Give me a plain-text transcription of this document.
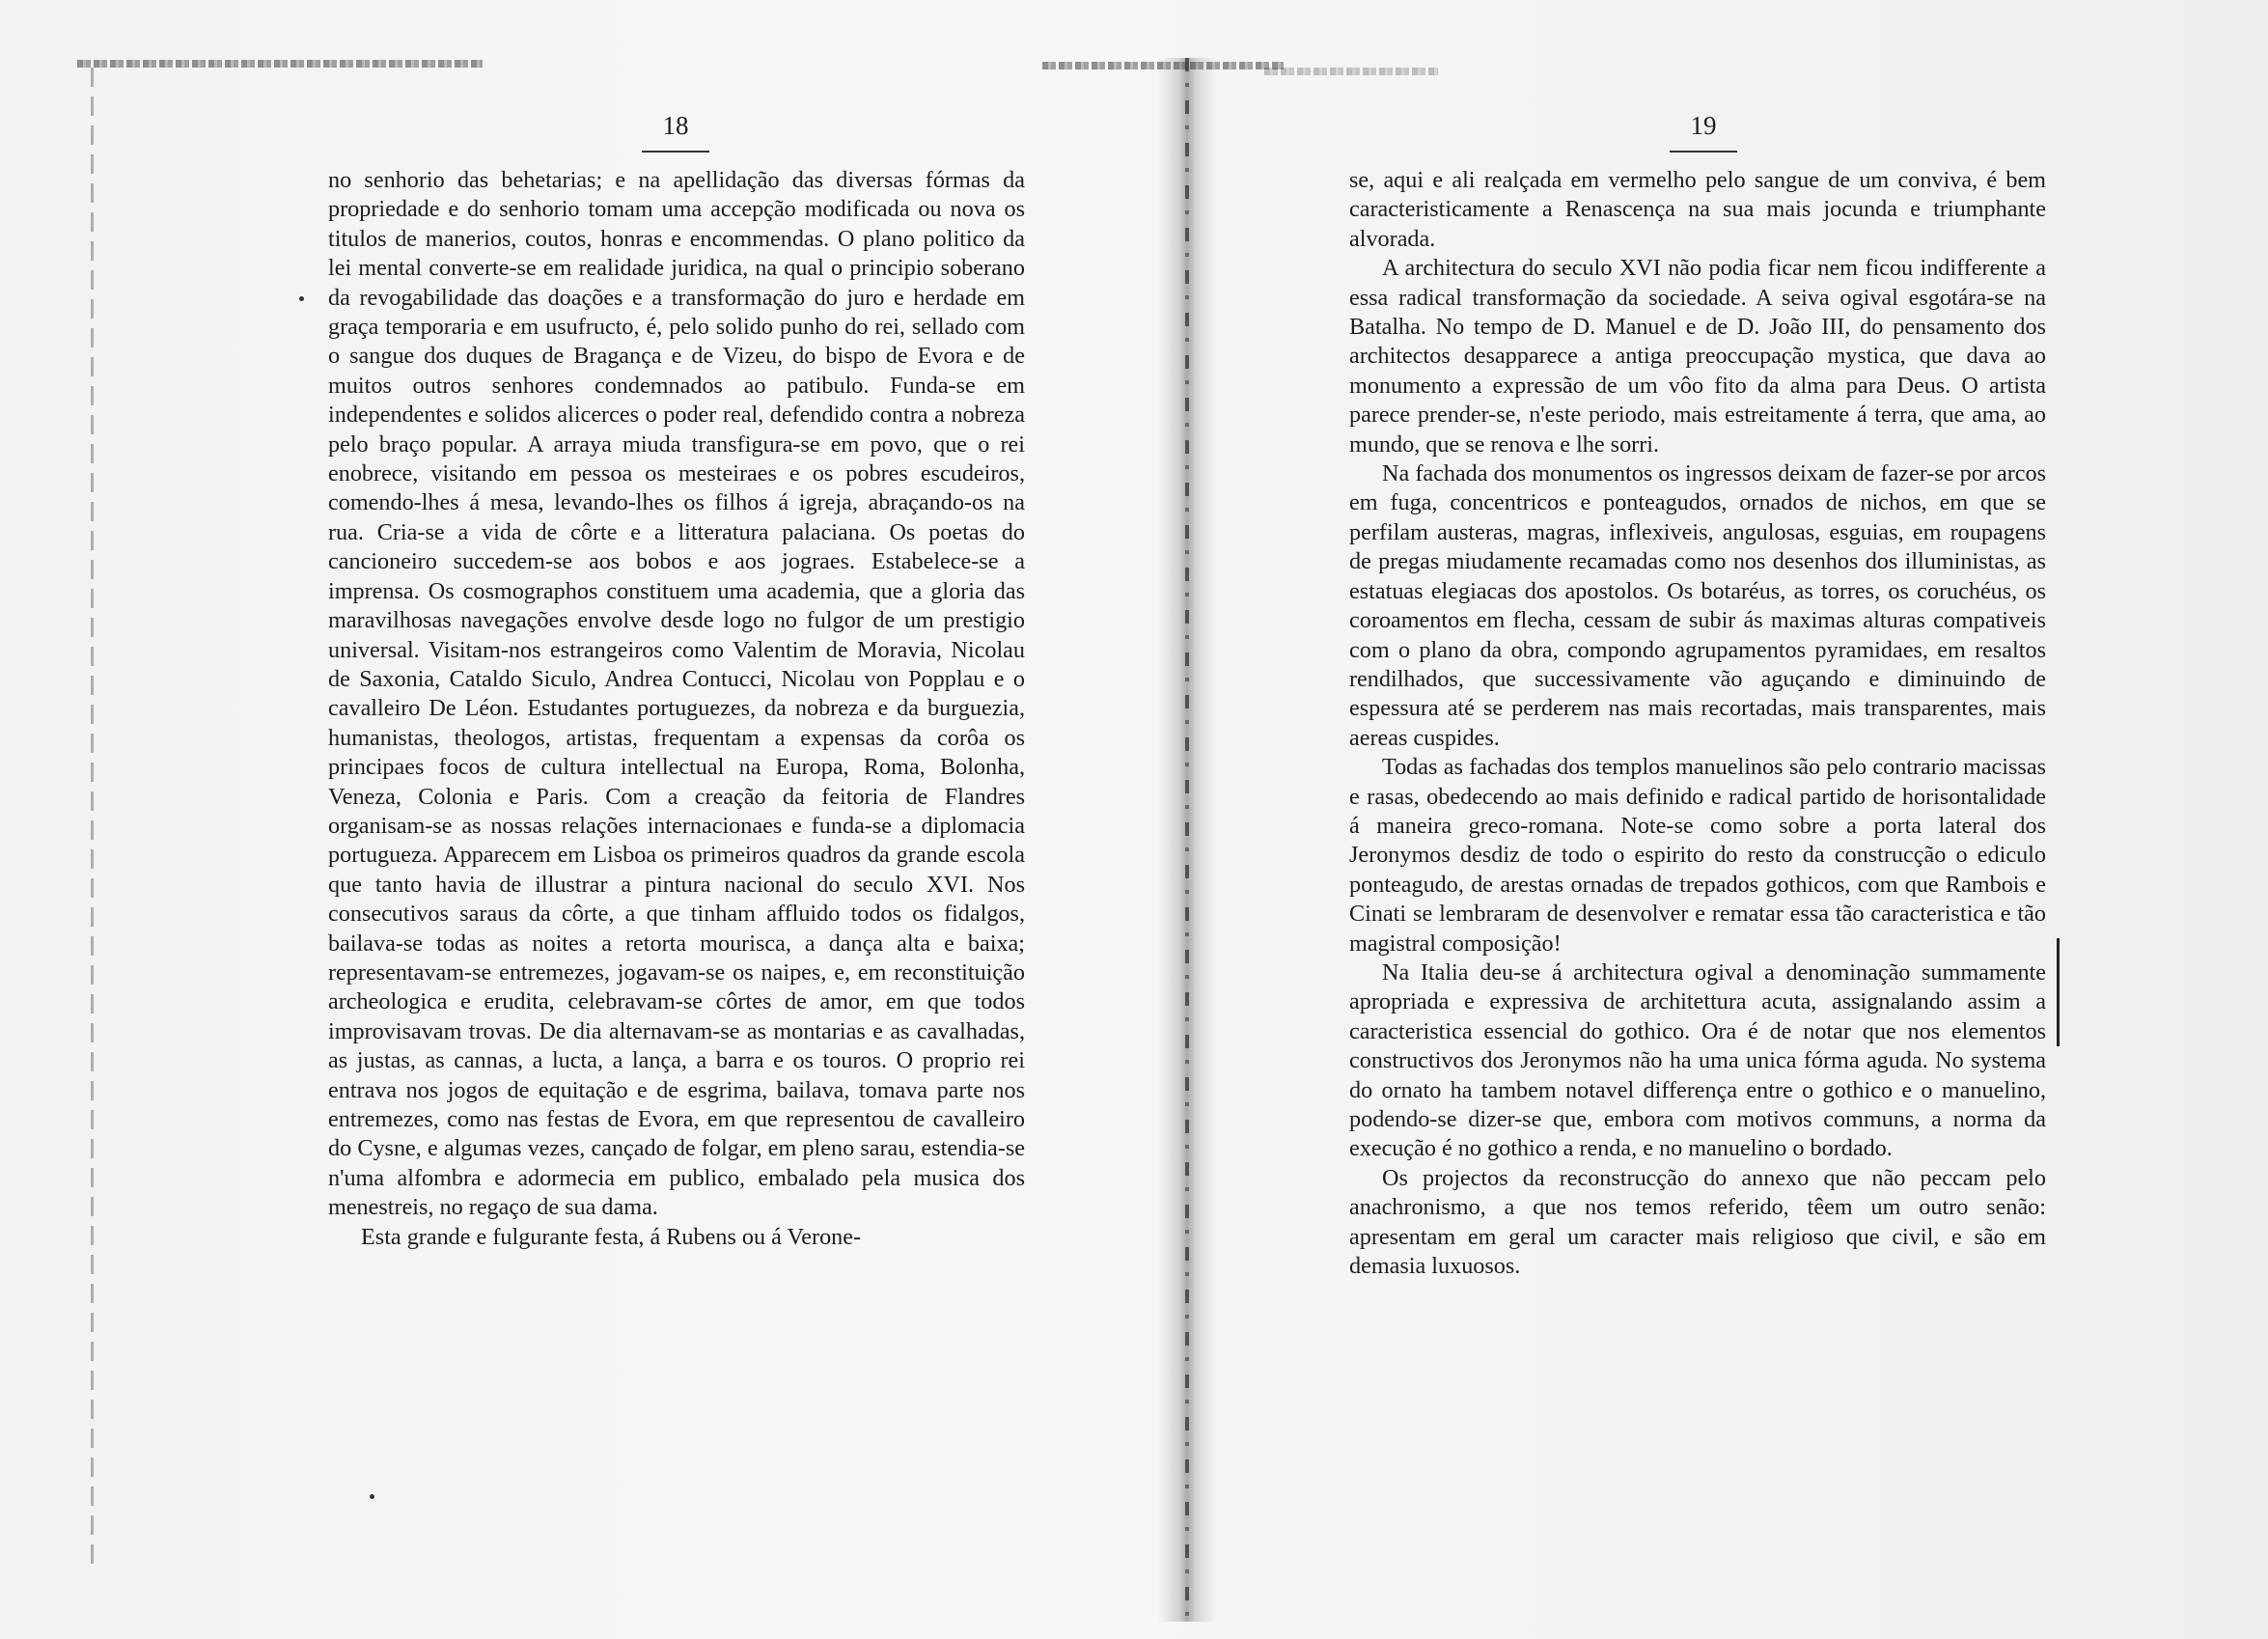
18

no senhorio das behetarias; e na apellidação das diversas fórmas da propriedade e do senhorio tomam uma accepção modificada ou nova os titulos de manerios, coutos, honras e encommendas. O plano politico da lei mental converte-se em realidade juridica, na qual o principio soberano da revogabilidade das doações e a transformação do juro e herdade em graça temporaria e em usufructo, é, pelo solido punho do rei, sellado com o sangue dos duques de Bragança e de Vizeu, do bispo de Evora e de muitos outros senhores condemnados ao patibulo. Funda-se em independentes e solidos alicerces o poder real, defendido contra a nobreza pelo braço popular. A arraya miuda transfigura-se em povo, que o rei enobrece, visitando em pessoa os mesteiraes e os pobres escudeiros, comendo-lhes á mesa, levando-lhes os filhos á igreja, abraçando-os na rua. Cria-se a vida de côrte e a litteratura palaciana. Os poetas do cancioneiro succedem-se aos bobos e aos jograes. Estabelece-se a imprensa. Os cosmographos constituem uma academia, que a gloria das maravilhosas navegações envolve desde logo no fulgor de um prestigio universal. Visitam-nos estrangeiros como Valentim de Moravia, Nicolau de Saxonia, Cataldo Siculo, Andrea Contucci, Nicolau von Popplau e o cavalleiro De Léon. Estudantes portuguezes, da nobreza e da burguezia, humanistas, theologos, artistas, frequentam a expensas da corôa os principaes focos de cultura intellectual na Europa, Roma, Bolonha, Veneza, Colonia e Paris. Com a creação da feitoria de Flandres organisam-se as nossas relações internacionaes e funda-se a diplomacia portugueza. Apparecem em Lisboa os primeiros quadros da grande escola que tanto havia de illustrar a pintura nacional do seculo XVI. Nos consecutivos saraus da côrte, a que tinham affluido todos os fidalgos, bailava-se todas as noites a retorta mourisca, a dança alta e baixa; representavam-se entremezes, jogavam-se os naipes, e, em reconstituição archeologica e erudita, celebravam-se côrtes de amor, em que todos improvisavam trovas. De dia alternavam-se as montarias e as cavalhadas, as justas, as cannas, a lucta, a lança, a barra e os touros. O proprio rei entrava nos jogos de equitação e de esgrima, bailava, tomava parte nos entremezes, como nas festas de Evora, em que representou de cavalleiro do Cysne, e algumas vezes, cançado de folgar, em pleno sarau, estendia-se n'uma alfombra e adormecia em publico, embalado pela musica dos menestreis, no regaço de sua dama.

Esta grande e fulgurante festa, á Rubens ou á Verone-

19

se, aqui e ali realçada em vermelho pelo sangue de um conviva, é bem caracteristicamente a Renascença na sua mais jocunda e triumphante alvorada.

A architectura do seculo XVI não podia ficar nem ficou indifferente a essa radical transformação da sociedade. A seiva ogival esgotára-se na Batalha. No tempo de D. Manuel e de D. João III, do pensamento dos architectos desapparece a antiga preoccupação mystica, que dava ao monumento a expressão de um vôo fito da alma para Deus. O artista parece prender-se, n'este periodo, mais estreitamente á terra, que ama, ao mundo, que se renova e lhe sorri.

Na fachada dos monumentos os ingressos deixam de fazer-se por arcos em fuga, concentricos e ponteagudos, ornados de nichos, em que se perfilam austeras, magras, inflexiveis, angulosas, esguias, em roupagens de pregas miudamente recamadas como nos desenhos dos illuministas, as estatuas elegiacas dos apostolos. Os botaréus, as torres, os coruchéus, os coroamentos em flecha, cessam de subir ás maximas alturas compativeis com o plano da obra, compondo agrupamentos pyramidaes, em resaltos rendilhados, que successivamente vão aguçando e diminuindo de espessura até se perderem nas mais recortadas, mais transparentes, mais aereas cuspides.

Todas as fachadas dos templos manuelinos são pelo contrario macissas e rasas, obedecendo ao mais definido e radical partido de horisontalidade á maneira greco-romana. Note-se como sobre a porta lateral dos Jeronymos desdiz de todo o espirito do resto da construcção o ediculo ponteagudo, de arestas ornadas de trepados gothicos, com que Rambois e Cinati se lembraram de desenvolver e rematar essa tão caracteristica e tão magistral composição!

Na Italia deu-se á architectura ogival a denominação summamente apropriada e expressiva de architettura acuta, assignalando assim a caracteristica essencial do gothico. Ora é de notar que nos elementos constructivos dos Jeronymos não ha uma unica fórma aguda. No systema do ornato ha tambem notavel differença entre o gothico e o manuelino, podendo-se dizer-se que, embora com motivos communs, a norma da execução é no gothico a renda, e no manuelino o bordado.

Os projectos da reconstrucção do annexo que não peccam pelo anachronismo, a que nos temos referido, têem um outro senão: apresentam em geral um caracter mais religioso que civil, e são em demasia luxuosos.
